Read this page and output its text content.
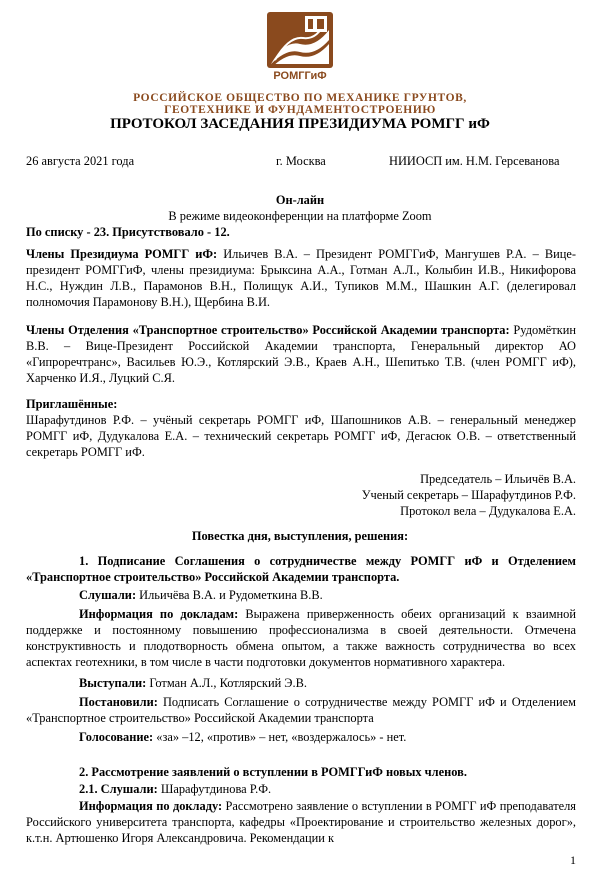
РОМГГиФ
РОССИЙСКОЕ ОБЩЕСТВО ПО МЕХАНИКЕ ГРУНТОВ,
ГЕОТЕХНИКЕ И ФУНДАМЕНТОСТРОЕНИЮ
ПРОТОКОЛ ЗАСЕДАНИЯ ПРЕЗИДИУМА РОМГГ иФ
26 августа 2021 года	г. Москва	НИИОСП им. Н.М. Герсеванова
Он-лайн
В режиме видеоконференции на платформе Zoom
По списку - 23. Присутствовало - 12.
Члены Президиума РОМГГ иФ: Ильичев В.А. – Президент РОМГГиФ, Мангушев Р.А. – Вице-президент РОМГГиФ, члены президиума: Брыксина А.А., Готман А.Л., Колыбин И.В., Никифорова Н.С., Нуждин Л.В., Парамонов В.Н., Полищук А.И., Тупиков М.М., Шашкин А.Г. (делегировал полномочия Парамонову В.Н.), Щербина В.И.
Члены Отделения «Транспортное строительство» Российской Академии транспорта: Рудомёткин В.В. – Вице-Президент Российской Академии транспорта, Генеральный директор АО «Гипроречтранс», Васильев Ю.Э., Котлярский Э.В., Краев А.Н., Шепитько Т.В. (член РОМГГ иФ), Харченко И.Я., Луцкий С.Я.
Приглашённые:
Шарафутдинов Р.Ф. – учёный секретарь РОМГГ иФ, Шапошников А.В. – генеральный менеджер РОМГГ иФ, Дудукалова Е.А. – технический секретарь РОМГГ иФ, Дегасюк О.В. – ответственный секретарь РОМГГ иФ.
Председатель – Ильичёв В.А.
Ученый секретарь – Шарафутдинов Р.Ф.
Протокол вела – Дудукалова Е.А.
Повестка дня, выступления, решения:
1. Подписание Соглашения о сотрудничестве между РОМГГ иФ и Отделением «Транспортное строительство» Российской Академии транспорта.
Слушали: Ильичёва В.А. и Рудометкина В.В.
Информация по докладам: Выражена приверженность обеих организаций к взаимной поддержке и постоянному повышению профессионализма в своей деятельности. Отмечена конструктивность и плодотворность обмена опытом, а также важность сотрудничества во всех аспектах геотехники, в том числе в части подготовки документов нормативного характера.
Выступали: Готман А.Л., Котлярский Э.В.
Постановили: Подписать Соглашение о сотрудничестве между РОМГГ иФ и Отделением «Транспортное строительство» Российской Академии транспорта
Голосование: «за» –12, «против» – нет, «воздержалось» - нет.
2. Рассмотрение заявлений о вступлении в РОМГГиФ новых членов.
2.1. Слушали: Шарафутдинова Р.Ф.
Информация по докладу: Рассмотрено заявление о вступлении в РОМГГ иФ преподавателя Российского университета транспорта, кафедры «Проектирование и строительство железных дорог», к.т.н. Артюшенко Игоря Александровича. Рекомендации к
1
